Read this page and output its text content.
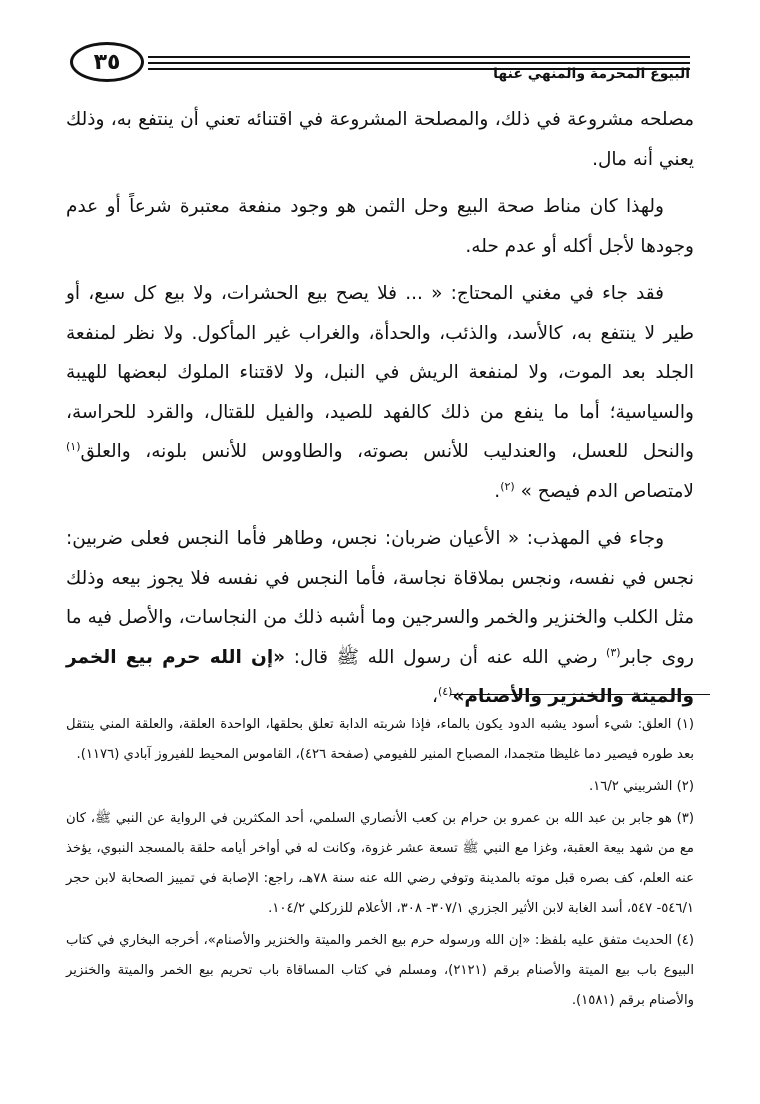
٣٥	البيوع المحرمة والمنهي عنها

مصلحه مشروعة في ذلك، والمصلحة المشروعة في اقتنائه تعني أن ينتفع به، وذلك يعني أنه مال.

ولهذا كان مناط صحة البيع وحل الثمن هو وجود منفعة معتبرة شرعاً أو عدم وجودها لأجل أكله أو عدم حله.

فقد جاء في مغني المحتاج: « ... فلا يصح بيع الحشرات، ولا بيع كل سبع، أو طير لا ينتفع به، كالأسد، والذئب، والحدأة، والغراب غير المأكول. ولا نظر لمنفعة الجلد بعد الموت، ولا لمنفعة الريش في النبل، ولا لاقتناء الملوك لبعضها للهيبة والسياسية؛ أما ما ينفع من ذلك كالفهد للصيد، والفيل للقتال، والقرد للحراسة، والنحل للعسل، والعندليب للأنس بصوته، والطاووس للأنس بلونه، والعلق$^{(١)}$ لامتصاص الدم فيصح » $^{(٢)}$.

وجاء في المهذب: « الأعيان ضربان: نجس، وطاهر فأما النجس فعلى ضربين: نجس في نفسه، ونجس بملاقاة نجاسة، فأما النجس في نفسه فلا يجوز بيعه وذلك مثل الكلب والخنزير والخمر والسرجين وما أشبه ذلك من النجاسات، والأصل فيه ما روى جابر$^{(٣)}$ رضي الله عنه أن رسول الله ﷺ قال: «إن الله حرم بيع الخمر والميتة والخنزير والأصنام»$^{(٤)}$،

(١) العلق: شيء أسود يشبه الدود يكون بالماء، فإذا شربته الدابة تعلق بحلقها، الواحدة العلقة، والعلقة المني ينتقل بعد طوره فيصير دما غليظا متجمدا، المصباح المنير للفيومي (صفحة ٤٢٦)، القاموس المحيط للفيروز آبادي (١١٧٦).

(٢) الشربيني ١٦/٢.

(٣) هو جابر بن عبد الله بن عمرو بن حرام بن كعب الأنصاري السلمي، أحد المكثرين في الرواية عن النبي ﷺ، كان مع من شهد بيعة العقبة، وغزا مع النبي ﷺ تسعة عشر غزوة، وكانت له في أواخر أيامه حلقة بالمسجد النبوي، يؤخذ عنه العلم، كف بصره قبل موته بالمدينة وتوفي رضي الله عنه سنة ٧٨هـ، راجع: الإصابة في تمييز الصحابة لابن حجر ٥٤٦/١- ٥٤٧، أسد الغابة لابن الأثير الجزري ٣٠٧/١- ٣٠٨، الأعلام للزركلي ١٠٤/٢.

(٤) الحديث متفق عليه بلفظ: «إن الله ورسوله حرم بيع الخمر والميتة والخنزير والأصنام»، أخرجه البخاري في كتاب البيوع باب بيع الميتة والأصنام برقم (٢١٢١)، ومسلم في كتاب المساقاة باب تحريم بيع الخمر والميتة والخنزير والأصنام برقم (١٥٨١).
